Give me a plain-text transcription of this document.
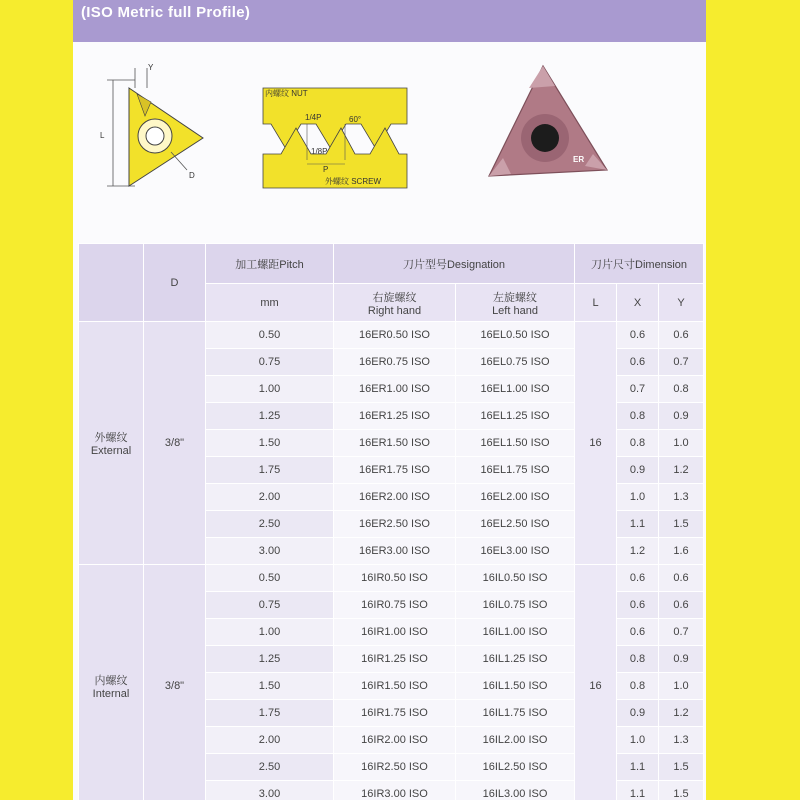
(ISO Metric full Profile)
Y
L
D
内螺纹 NUT
1/4P	60°
1/8P
P
外螺纹 SCREW
ER
	D	加工螺距Pitch	刀片型号Designation		刀片尺寸Dimension		
		mm	右旋螺纹
Right hand	左旋螺纹
Left hand	L	X	Y

外螺纹
External	3/8"	0.50	16ER0.50 ISO	16EL0.50 ISO	16	0.6	0.6
		0.75	16ER0.75 ISO	16EL0.75 ISO		0.6	0.7
		1.00	16ER1.00 ISO	16EL1.00 ISO		0.7	0.8
		1.25	16ER1.25 ISO	16EL1.25 ISO		0.8	0.9
		1.50	16ER1.50 ISO	16EL1.50 ISO		0.8	1.0
		1.75	16ER1.75 ISO	16EL1.75 ISO		0.9	1.2
		2.00	16ER2.00 ISO	16EL2.00 ISO		1.0	1.3
		2.50	16ER2.50 ISO	16EL2.50 ISO		1.1	1.5
		3.00	16ER3.00 ISO	16EL3.00 ISO		1.2	1.6

内螺纹
Internal	3/8"	0.50	16IR0.50 ISO	16IL0.50 ISO	16	0.6	0.6
		0.75	16IR0.75 ISO	16IL0.75 ISO		0.6	0.6
		1.00	16IR1.00 ISO	16IL1.00 ISO		0.6	0.7
		1.25	16IR1.25 ISO	16IL1.25 ISO		0.8	0.9
		1.50	16IR1.50 ISO	16IL1.50 ISO		0.8	1.0
		1.75	16IR1.75 ISO	16IL1.75 ISO		0.9	1.2
		2.00	16IR2.00 ISO	16IL2.00 ISO		1.0	1.3
		2.50	16IR2.50 ISO	16IL2.50 ISO		1.1	1.5
		3.00	16IR3.00 ISO	16IL3.00 ISO		1.1	1.5
